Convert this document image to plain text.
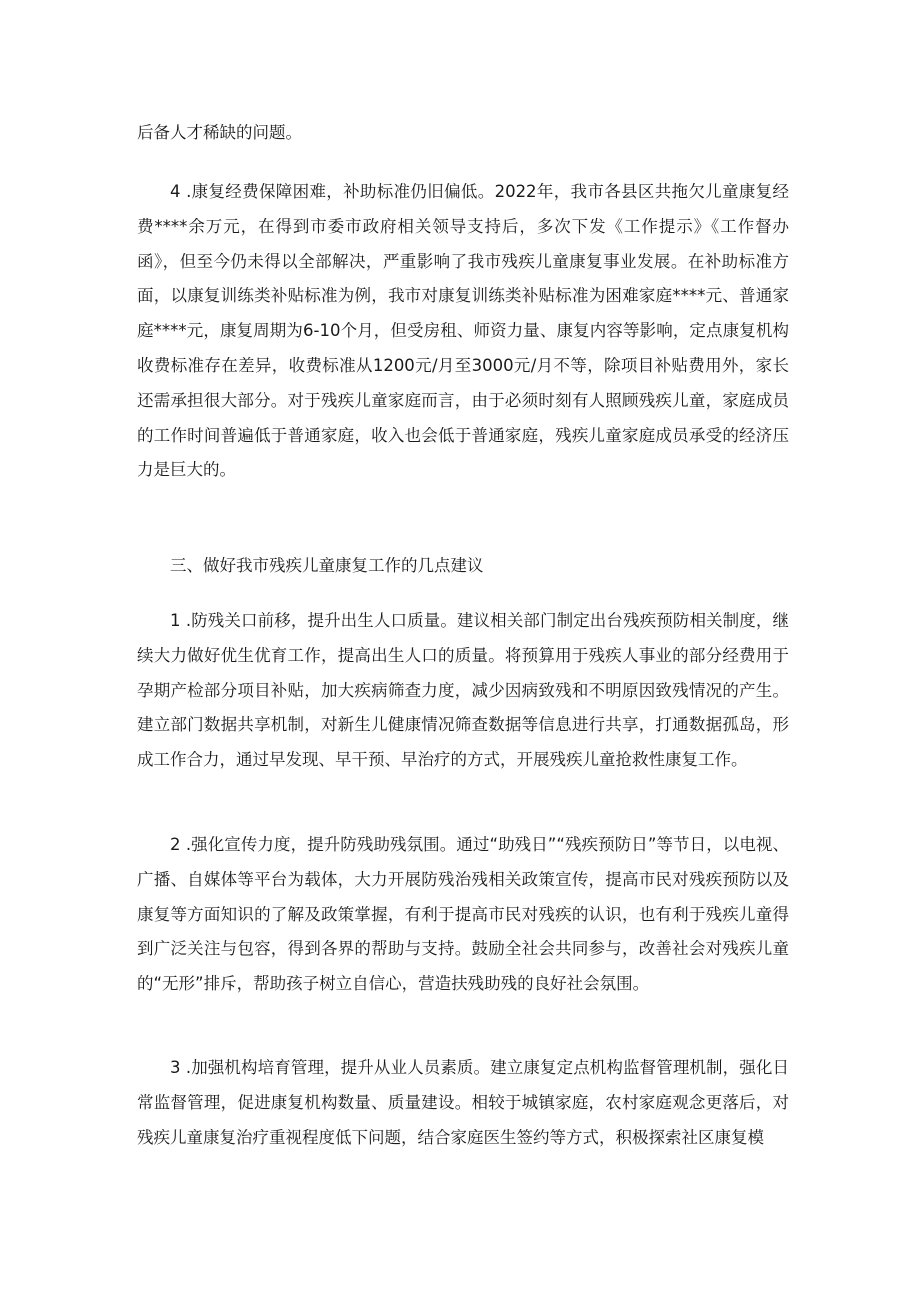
后备人才稀缺的问题。

4 .康复经费保障困难，补助标准仍旧偏低。2022年，我市各县区共拖欠儿童康复经费****余万元，在得到市委市政府相关领导支持后，多次下发《工作提示》《工作督办函》，但至今仍未得以全部解决，严重影响了我市残疾儿童康复事业发展。在补助标准方面，以康复训练类补贴标准为例，我市对康复训练类补贴标准为困难家庭****元、普通家庭****元，康复周期为6-10个月，但受房租、师资力量、康复内容等影响，定点康复机构收费标准存在差异，收费标准从1200元/月至3000元/月不等，除项目补贴费用外，家长还需承担很大部分。对于残疾儿童家庭而言，由于必须时刻有人照顾残疾儿童，家庭成员的工作时间普遍低于普通家庭，收入也会低于普通家庭，残疾儿童家庭成员承受的经济压力是巨大的。

三、做好我市残疾儿童康复工作的几点建议

1 .防残关口前移，提升出生人口质量。建议相关部门制定出台残疾预防相关制度，继续大力做好优生优育工作，提高出生人口的质量。将预算用于残疾人事业的部分经费用于孕期产检部分项目补贴，加大疾病筛查力度，减少因病致残和不明原因致残情况的产生。建立部门数据共享机制，对新生儿健康情况筛查数据等信息进行共享，打通数据孤岛，形成工作合力，通过早发现、早干预、早治疗的方式，开展残疾儿童抢救性康复工作。

2 .强化宣传力度，提升防残助残氛围。通过“助残日”“残疾预防日”等节日，以电视、广播、自媒体等平台为载体，大力开展防残治残相关政策宣传，提高市民对残疾预防以及康复等方面知识的了解及政策掌握，有利于提高市民对残疾的认识，也有利于残疾儿童得到广泛关注与包容，得到各界的帮助与支持。鼓励全社会共同参与，改善社会对残疾儿童的“无形”排斥，帮助孩子树立自信心，营造扶残助残的良好社会氛围。

3 .加强机构培育管理，提升从业人员素质。建立康复定点机构监督管理机制，强化日常监督管理，促进康复机构数量、质量建设。相较于城镇家庭，农村家庭观念更落后，对残疾儿童康复治疗重视程度低下问题，结合家庭医生签约等方式，积极探索社区康复模
